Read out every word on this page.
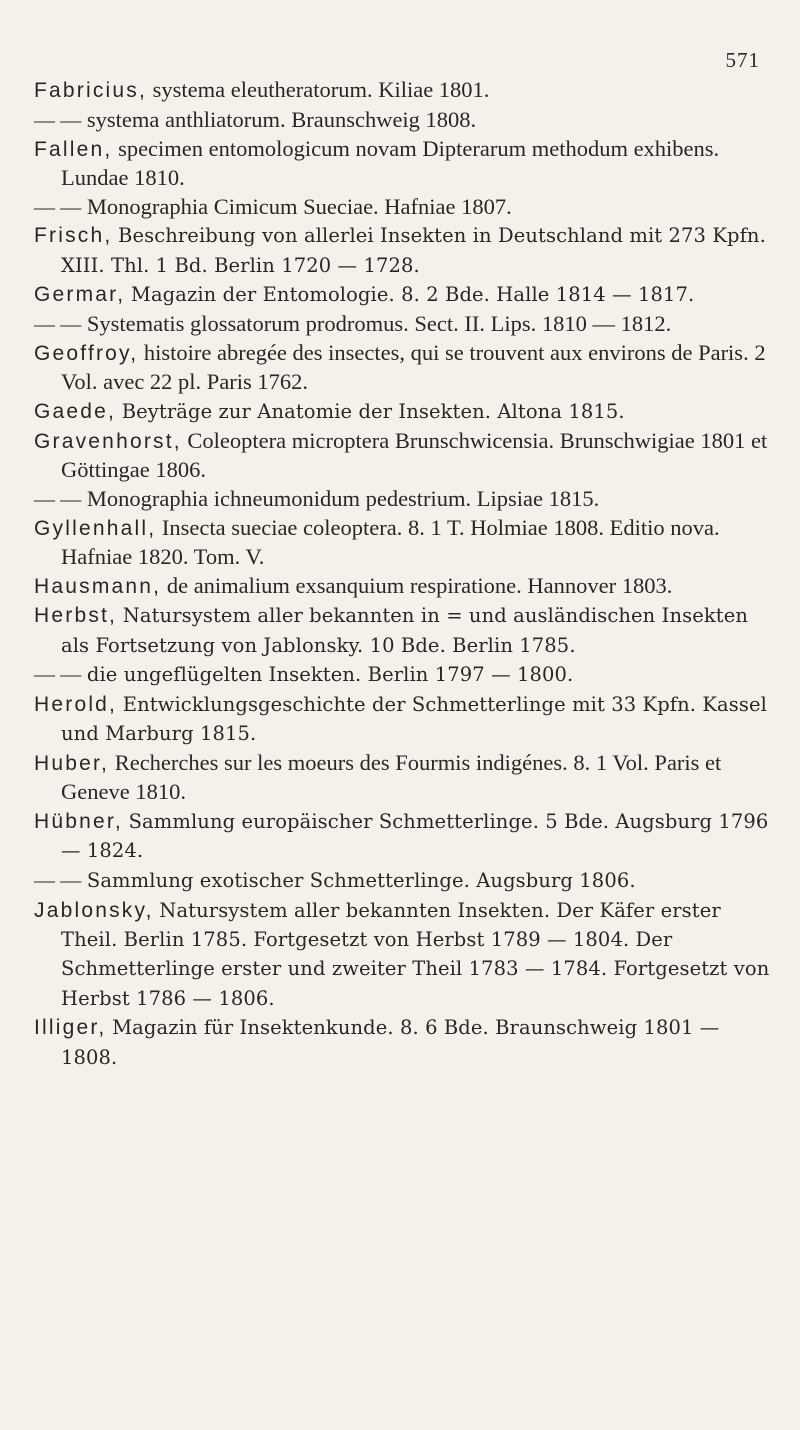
571

Fabricius, systema eleutheratorum. Kiliae 1801.

— — systema anthliatorum. Braunschweig 1808.

Fallen, specimen entomologicum novam Dipterarum methodum exhibens. Lundae 1810.

— — Monographia Cimicum Sueciae. Hafniae 1807.

Frisch, Beschreibung von allerlei Insekten in Deutschland mit 273 Kpfn. XIII. Thl. 1 Bd. Berlin 1720 — 1728.

Germar, Magazin der Entomologie. 8. 2 Bde. Halle 1814 — 1817.

— — Systematis glossatorum prodromus. Sect. II. Lips. 1810 — 1812.

Geoffroy, histoire abregée des insectes, qui se trouvent aux environs de Paris. 2 Vol. avec 22 pl. Paris 1762.

Gaede, Beyträge zur Anatomie der Insekten. Altona 1815.

Gravenhorst, Coleoptera microptera Brunschwicensia. Brunschwigiae 1801 et Göttingae 1806.

— — Monographia ichneumonidum pedestrium. Lipsiae 1815.

Gyllenhall, Insecta sueciae coleoptera. 8. 1 T. Holmiae 1808. Editio nova. Hafniae 1820. Tom. V.

Hausmann, de animalium exsanquium respiratione. Hannover 1803.

Herbst, Natursystem aller bekannten in = und ausländischen Insekten als Fortsetzung von Jablonsky. 10 Bde. Berlin 1785.

— — die ungeflügelten Insekten. Berlin 1797 — 1800.

Herold, Entwicklungsgeschichte der Schmetterlinge mit 33 Kpfn. Kassel und Marburg 1815.

Huber, Recherches sur les moeurs des Fourmis indigénes. 8. 1 Vol. Paris et Geneve 1810.

Hübner, Sammlung europäischer Schmetterlinge. 5 Bde. Augsburg 1796 — 1824.

— — Sammlung exotischer Schmetterlinge. Augsburg 1806.

Jablonsky, Natursystem aller bekannten Insekten. Der Käfer erster Theil. Berlin 1785. Fortgesetzt von Herbst 1789 — 1804. Der Schmetterlinge erster und zweiter Theil 1783 — 1784. Fortgesetzt von Herbst 1786 — 1806.

Illiger, Magazin für Insektenkunde. 8. 6 Bde. Braunschweig 1801 — 1808.
